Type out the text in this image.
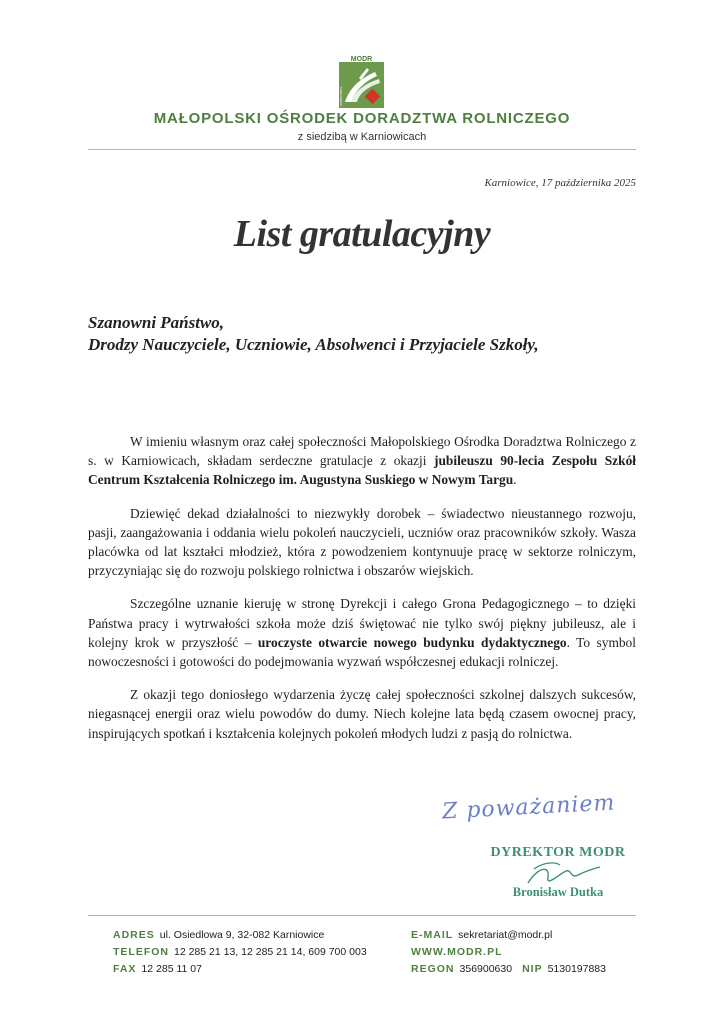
MODR
KARNIOWICE
MAŁOPOLSKI OŚRODEK DORADZTWA ROLNICZEGO
z siedzibą w Karniowicach
Karniowice, 17 października 2025
List gratulacyjny
Szanowni Państwo,
Drodzy Nauczyciele, Uczniowie, Absolwenci i Przyjaciele Szkoły,

W imieniu własnym oraz całej społeczności Małopolskiego Ośrodka Doradztwa Rolniczego z s. w Karniowicach, składam serdeczne gratulacje z okazji jubileuszu 90-lecia Zespołu Szkół Centrum Kształcenia Rolniczego im. Augustyna Suskiego w Nowym Targu.

Dziewięć dekad działalności to niezwykły dorobek – świadectwo nieustannego rozwoju, pasji, zaangażowania i oddania wielu pokoleń nauczycieli, uczniów oraz pracowników szkoły. Wasza placówka od lat kształci młodzież, która z powodzeniem kontynuuje pracę w sektorze rolniczym, przyczyniając się do rozwoju polskiego rolnictwa i obszarów wiejskich.

Szczególne uznanie kieruję w stronę Dyrekcji i całego Grona Pedagogicznego – to dzięki Państwa pracy i wytrwałości szkoła może dziś świętować nie tylko swój piękny jubileusz, ale i kolejny krok w przyszłość – uroczyste otwarcie nowego budynku dydaktycznego. To symbol nowoczesności i gotowości do podejmowania wyzwań współczesnej edukacji rolniczej.

Z okazji tego doniosłego wydarzenia życzę całej społeczności szkolnej dalszych sukcesów, niegasnącej energii oraz wielu powodów do dumy. Niech kolejne lata będą czasem owocnej pracy, inspirujących spotkań i kształcenia kolejnych pokoleń młodych ludzi z pasją do rolnictwa.

Z poważaniem
DYREKTOR MODR
Bronisław Dutka
ADRES ul. Osiedlowa 9, 32-082 Karniowice
TELEFON 12 285 21 13, 12 285 21 14, 609 700 003
FAX 12 285 11 07
E-MAIL sekretariat@modr.pl
WWW.MODR.PL
REGON 356900630 NIP 5130197883
